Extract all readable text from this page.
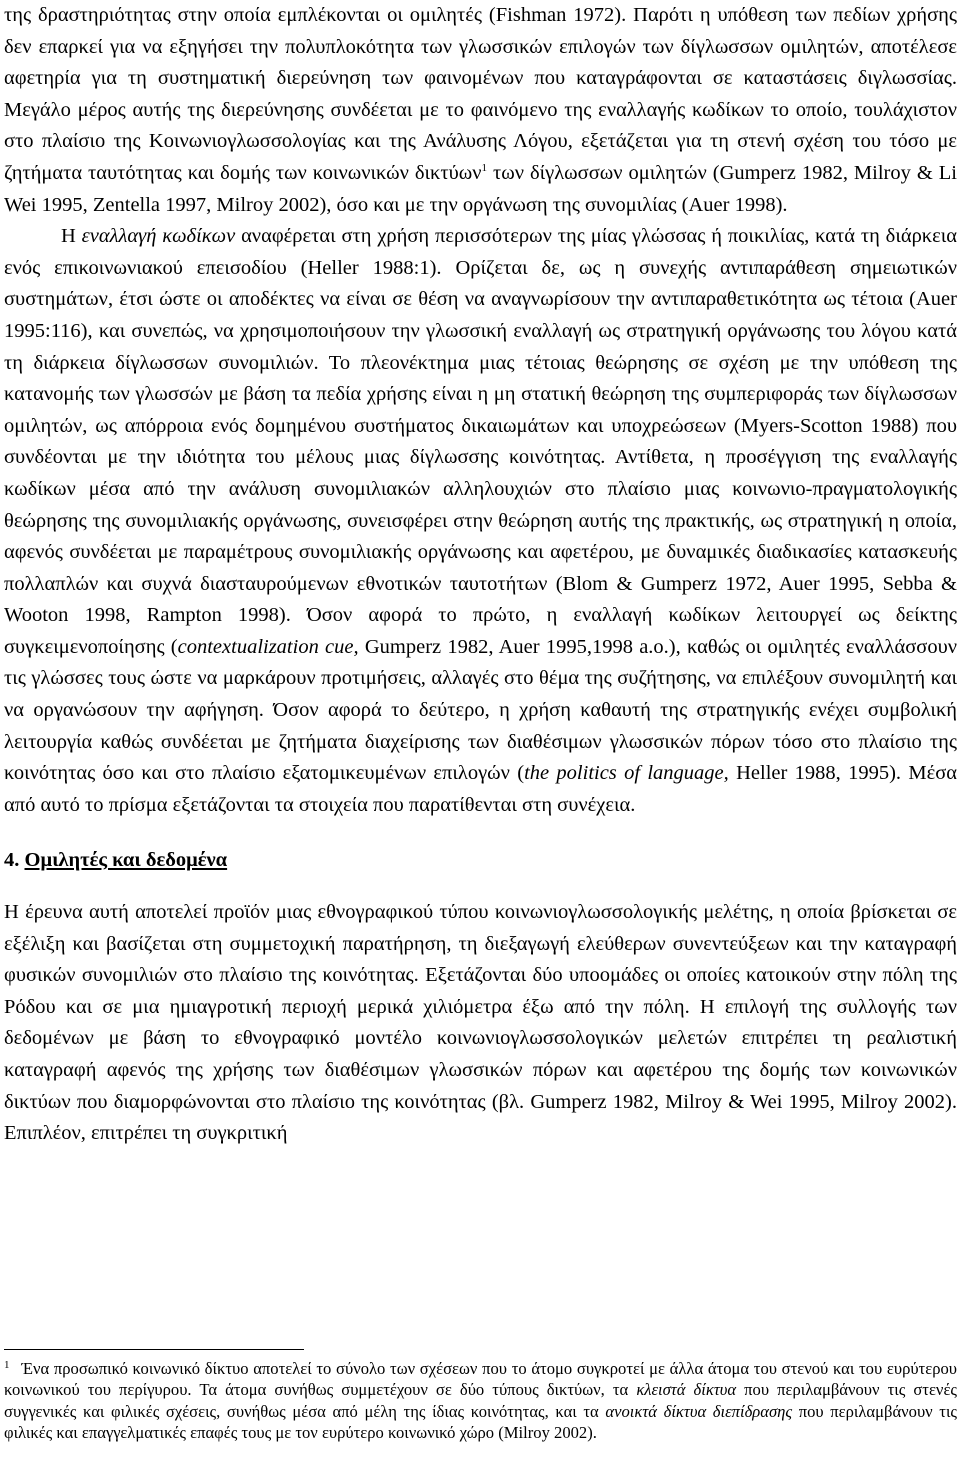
της δραστηριότητας στην οποία εμπλέκονται οι ομιλητές (Fishman 1972). Παρότι η υπόθεση των πεδίων χρήσης δεν επαρκεί για να εξηγήσει την πολυπλοκότητα των γλωσσικών επιλογών των δίγλωσσων ομιλητών, αποτέλεσε αφετηρία για τη συστηματική διερεύνηση των φαινομένων που καταγράφονται σε καταστάσεις διγλωσσίας. Μεγάλο μέρος αυτής της διερεύνησης συνδέεται με το φαινόμενο της εναλλαγής κωδίκων το οποίο, τουλάχιστον στο πλαίσιο της Κοινωνιογλωσσολογίας και της Ανάλυσης Λόγου, εξετάζεται για τη στενή σχέση του τόσο με ζητήματα ταυτότητας και δομής των κοινωνικών δικτύων$^1$ των δίγλωσσων ομιλητών (Gumperz 1982, Milroy & Li Wei 1995, Zentella 1997, Milroy 2002), όσο και με την οργάνωση της συνομιλίας (Auer 1998).

Η εναλλαγή κωδίκων αναφέρεται στη χρήση περισσότερων της μίας γλώσσας ή ποικιλίας, κατά τη διάρκεια ενός επικοινωνιακού επεισοδίου (Heller 1988:1). Ορίζεται δε, ως η συνεχής αντιπαράθεση σημειωτικών συστημάτων, έτσι ώστε οι αποδέκτες να είναι σε θέση να αναγνωρίσουν την αντιπαραθετικότητα ως τέτοια (Auer 1995:116), και συνεπώς, να χρησιμοποιήσουν την γλωσσική εναλλαγή ως στρατηγική οργάνωσης του λόγου κατά τη διάρκεια δίγλωσσων συνομιλιών. Το πλεονέκτημα μιας τέτοιας θεώρησης σε σχέση με την υπόθεση της κατανομής των γλωσσών με βάση τα πεδία χρήσης είναι η μη στατική θεώρηση της συμπεριφοράς των δίγλωσσων ομιλητών, ως απόρροια ενός δομημένου συστήματος δικαιωμάτων και υποχρεώσεων (Myers-Scotton 1988) που συνδέονται με την ιδιότητα του μέλους μιας δίγλωσσης κοινότητας. Αντίθετα, η προσέγγιση της εναλλαγής κωδίκων μέσα από την ανάλυση συνομιλιακών αλληλουχιών στο πλαίσιο μιας κοινωνιο-πραγματολογικής θεώρησης της συνομιλιακής οργάνωσης, συνεισφέρει στην θεώρηση αυτής της πρακτικής, ως στρατηγική η οποία, αφενός συνδέεται με παραμέτρους συνομιλιακής οργάνωσης και αφετέρου, με δυναμικές διαδικασίες κατασκευής πολλαπλών και συχνά διασταυρούμενων εθνοτικών ταυτοτήτων (Blom & Gumperz 1972, Auer 1995, Sebba & Wooton 1998, Rampton 1998). Όσον αφορά το πρώτο, η εναλλαγή κωδίκων λειτουργεί ως δείκτης συγκειμενοποίησης (contextualization cue, Gumperz 1982, Auer 1995,1998 a.o.), καθώς οι ομιλητές εναλλάσσουν τις γλώσσες τους ώστε να μαρκάρουν προτιμήσεις, αλλαγές στο θέμα της συζήτησης, να επιλέξουν συνομιλητή και να οργανώσουν την αφήγηση. Όσον αφορά το δεύτερο, η χρήση καθαυτή της στρατηγικής ενέχει συμβολική λειτουργία καθώς συνδέεται με ζητήματα διαχείρισης των διαθέσιμων γλωσσικών πόρων τόσο στο πλαίσιο της κοινότητας όσο και στο πλαίσιο εξατομικευμένων επιλογών (the politics of language, Heller 1988, 1995). Μέσα από αυτό το πρίσμα εξετάζονται τα στοιχεία που παρατίθενται στη συνέχεια.

4. Ομιλητές και δεδομένα

Η έρευνα αυτή αποτελεί προϊόν μιας εθνογραφικού τύπου κοινωνιογλωσσολογικής μελέτης, η οποία βρίσκεται σε εξέλιξη και βασίζεται στη συμμετοχική παρατήρηση, τη διεξαγωγή ελεύθερων συνεντεύξεων και την καταγραφή φυσικών συνομιλιών στο πλαίσιο της κοινότητας. Εξετάζονται δύο υποομάδες οι οποίες κατοικούν στην πόλη της Ρόδου και σε μια ημιαγροτική περιοχή μερικά χιλιόμετρα έξω από την πόλη. Η επιλογή της συλλογής των δεδομένων με βάση το εθνογραφικό μοντέλο κοινωνιογλωσσολογικών μελετών επιτρέπει τη ρεαλιστική καταγραφή αφενός της χρήσης των διαθέσιμων γλωσσικών πόρων και αφετέρου της δομής των κοινωνικών δικτύων που διαμορφώνονται στο πλαίσιο της κοινότητας (βλ. Gumperz 1982, Milroy & Wei 1995, Milroy 2002). Επιπλέον, επιτρέπει τη συγκριτική

$^1$ Ένα προσωπικό κοινωνικό δίκτυο αποτελεί το σύνολο των σχέσεων που το άτομο συγκροτεί με άλλα άτομα του στενού και του ευρύτερου κοινωνικού του περίγυρου. Τα άτομα συνήθως συμμετέχουν σε δύο τύπους δικτύων, τα κλειστά δίκτυα που περιλαμβάνουν τις στενές συγγενικές και φιλικές σχέσεις, συνήθως μέσα από μέλη της ίδιας κοινότητας, και τα ανοικτά δίκτυα διεπίδρασης που περιλαμβάνουν τις φιλικές και επαγγελματικές επαφές τους με τον ευρύτερο κοινωνικό χώρο (Milroy 2002).
